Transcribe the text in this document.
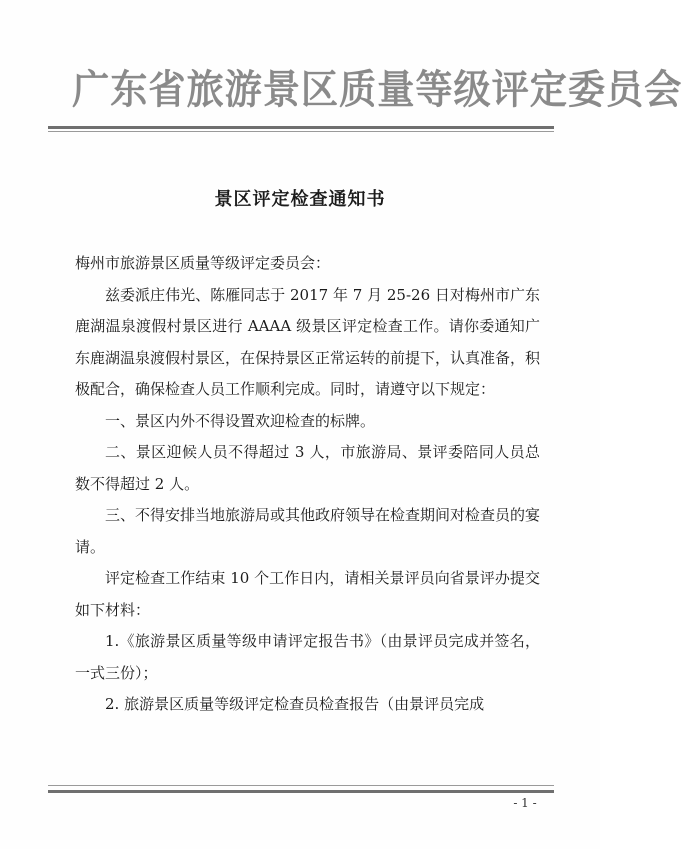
广东省旅游景区质量等级评定委员会
景区评定检查通知书

梅州市旅游景区质量等级评定委员会：

兹委派庄伟光、陈雁同志于 2017 年 7 月 25-26 日对梅州市广东鹿湖温泉渡假村景区进行 AAAA 级景区评定检查工作。请你委通知广东鹿湖温泉渡假村景区，在保持景区正常运转的前提下，认真准备，积极配合，确保检查人员工作顺利完成。同时，请遵守以下规定：

一、景区内外不得设置欢迎检查的标牌。

二、景区迎候人员不得超过 3 人，市旅游局、景评委陪同人员总数不得超过 2 人。

三、不得安排当地旅游局或其他政府领导在检查期间对检查员的宴请。

评定检查工作结束 10 个工作日内，请相关景评员向省景评办提交如下材料：

1.《旅游景区质量等级申请评定报告书》（由景评员完成并签名，一式三份）；

2. 旅游景区质量等级评定检查员检查报告（由景评员完成

- 1 -
